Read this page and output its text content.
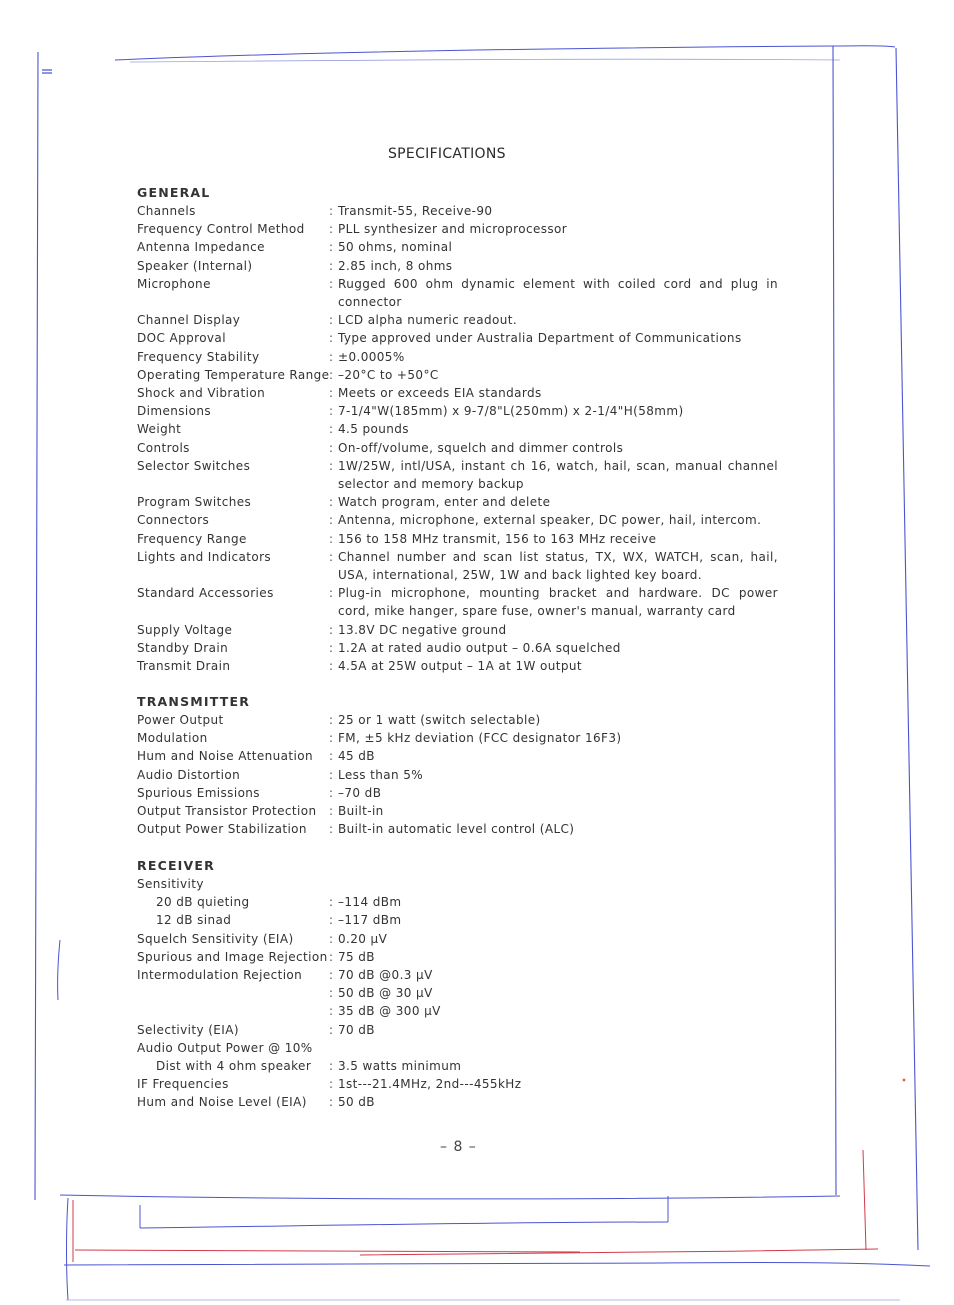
SPECIFICATIONS
GENERAL
Channels	: Transmit-55, Receive-90
Frequency Control Method	: PLL synthesizer and microprocessor
Antenna Impedance	: 50 ohms, nominal
Speaker (Internal)	: 2.85 inch, 8 ohms
Microphone	: Rugged 600 ohm dynamic element with coiled cord and plug in connector
Channel Display	: LCD alpha numeric readout.
DOC Approval	: Type approved under Australia Department of Communications
Frequency Stability	: ±0.0005%
Operating Temperature Range : –20°C to +50°C
Shock and Vibration	: Meets or exceeds EIA standards
Dimensions	: 7-1/4"W(185mm) x 9-7/8"L(250mm) x 2-1/4"H(58mm)
Weight	: 4.5 pounds
Controls	: On-off/volume, squelch and dimmer controls
Selector Switches	: 1W/25W, intl/USA, instant ch 16, watch, hail, scan, manual channel selector and memory backup
Program Switches	: Watch program, enter and delete
Connectors	: Antenna, microphone, external speaker, DC power, hail, intercom.
Frequency Range	: 156 to 158 MHz transmit, 156 to 163 MHz receive
Lights and Indicators	: Channel number and scan list status, TX, WX, WATCH, scan, hail, USA, international, 25W, 1W and back lighted key board.
Standard Accessories	: Plug-in microphone, mounting bracket and hardware. DC power cord, mike hanger, spare fuse, owner's manual, warranty card
Supply Voltage	: 13.8V DC negative ground
Standby Drain	: 1.2A at rated audio output – 0.6A squelched
Transmit Drain	: 4.5A at 25W output – 1A at 1W output
TRANSMITTER
Power Output	: 25 or 1 watt (switch selectable)
Modulation	: FM, ±5 kHz deviation (FCC designator 16F3)
Hum and Noise Attenuation	: 45 dB
Audio Distortion	: Less than 5%
Spurious Emissions	: –70 dB
Output Transistor Protection	: Built-in
Output Power Stabilization	: Built-in automatic level control (ALC)
RECEIVER
Sensitivity
20 dB quieting	: –114 dBm
12 dB sinad	: –117 dBm
Squelch Sensitivity (EIA)	: 0.20 μV
Spurious and Image Rejection : 75 dB
Intermodulation Rejection	: 70 dB @0.3 μV
: 50 dB @ 30 μV
: 35 dB @ 300 μV
Selectivity (EIA)	: 70 dB
Audio Output Power @ 10%
Dist with 4 ohm speaker	: 3.5 watts minimum
IF Frequencies	: 1st---21.4MHz, 2nd---455kHz
Hum and Noise Level (EIA)	: 50 dB
– 8 –
